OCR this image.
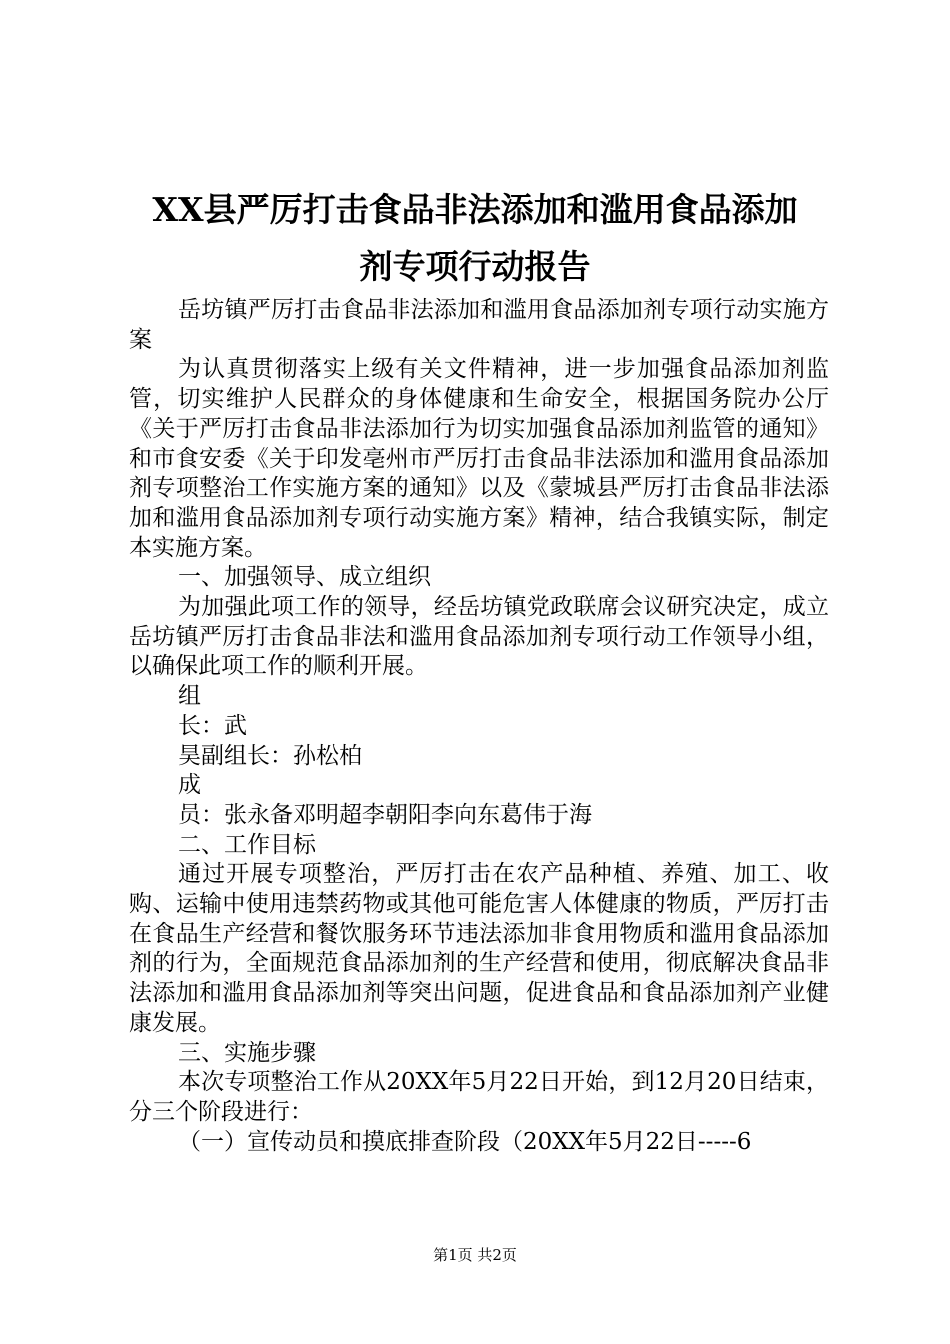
XX县严厉打击食品非法添加和滥用食品添加
剂专项行动报告

岳坊镇严厉打击食品非法添加和滥用食品添加剂专项行动实施方案

为认真贯彻落实上级有关文件精神，进一步加强食品添加剂监管，切实维护人民群众的身体健康和生命安全，根据国务院办公厅《关于严厉打击食品非法添加行为切实加强食品添加剂监管的通知》和市食安委《关于印发亳州市严厉打击食品非法添加和滥用食品添加剂专项整治工作实施方案的通知》以及《蒙城县严厉打击食品非法添加和滥用食品添加剂专项行动实施方案》精神，结合我镇实际，制定本实施方案。

一、加强领导、成立组织

为加强此项工作的领导，经岳坊镇党政联席会议研究决定，成立岳坊镇严厉打击食品非法和滥用食品添加剂专项行动工作领导小组，以确保此项工作的顺利开展。

组

长：武

昊副组长：孙松柏

成

员：张永备邓明超李朝阳李向东葛伟于海

二、工作目标

通过开展专项整治，严厉打击在农产品种植、养殖、加工、收购、运输中使用违禁药物或其他可能危害人体健康的物质，严厉打击在食品生产经营和餐饮服务环节违法添加非食用物质和滥用食品添加剂的行为，全面规范食品添加剂的生产经营和使用，彻底解决食品非法添加和滥用食品添加剂等突出问题，促进食品和食品添加剂产业健康发展。

三、实施步骤

本次专项整治工作从20XX年5月22日开始，到12月20日结束，分三个阶段进行：

（一）宣传动员和摸底排查阶段（20XX年5月22日-----6

第1页 共2页
